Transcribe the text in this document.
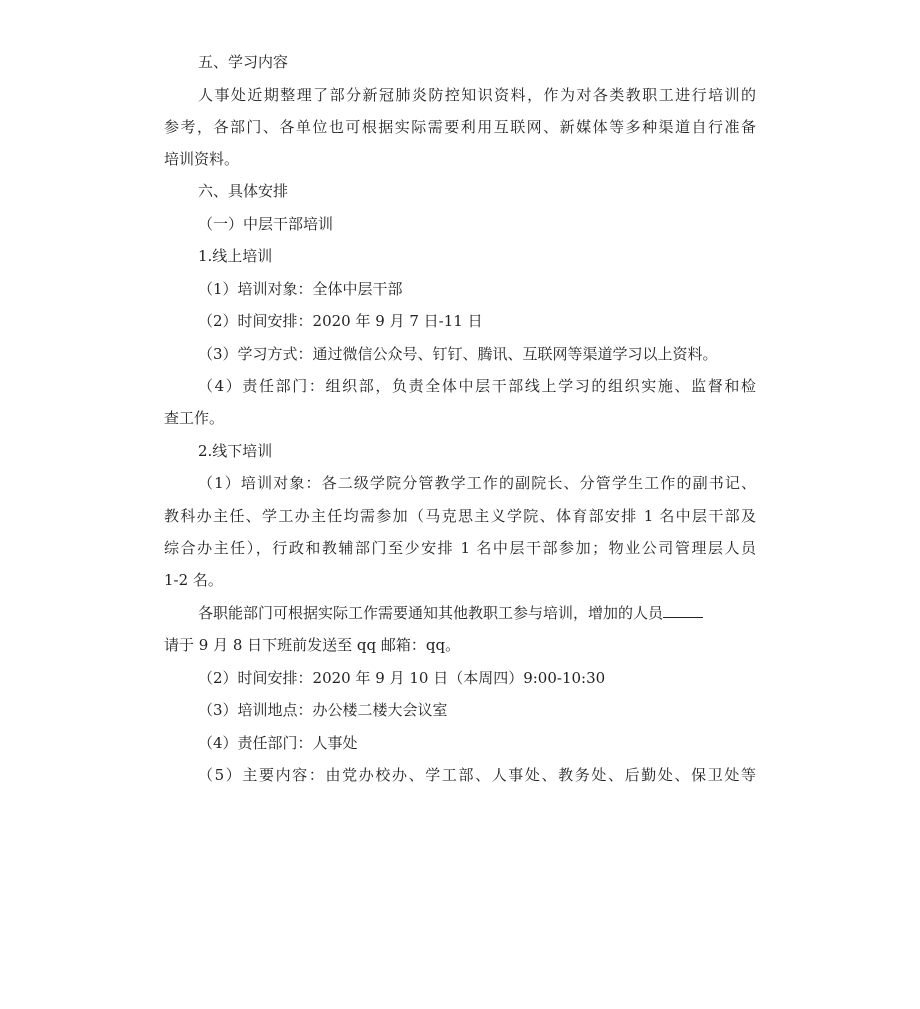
五、学习内容
人事处近期整理了部分新冠肺炎防控知识资料，作为对各类教职工进行培训的
参考，各部门、各单位也可根据实际需要利用互联网、新媒体等多种渠道自行准备
培训资料。
六、具体安排
（一）中层干部培训
1.线上培训
（1）培训对象：全体中层干部
（2）时间安排：2020 年 9 月 7 日-11 日
（3）学习方式：通过微信公众号、钉钉、腾讯、互联网等渠道学习以上资料。
（4）责任部门：组织部，负责全体中层干部线上学习的组织实施、监督和检
查工作。
2.线下培训
（1）培训对象：各二级学院分管教学工作的副院长、分管学生工作的副书记、
教科办主任、学工办主任均需参加（马克思主义学院、体育部安排 1 名中层干部及
综合办主任），行政和教辅部门至少安排 1 名中层干部参加；物业公司管理层人员
1-2 名。
各职能部门可根据实际工作需要通知其他教职工参与培训，增加的人员
请于 9 月 8 日下班前发送至 qq 邮箱：qq。
（2）时间安排：2020 年 9 月 10 日（本周四）9:00-10:30
（3）培训地点：办公楼二楼大会议室
（4）责任部门：人事处
（5）主要内容：由党办校办、学工部、人事处、教务处、后勤处、保卫处等
